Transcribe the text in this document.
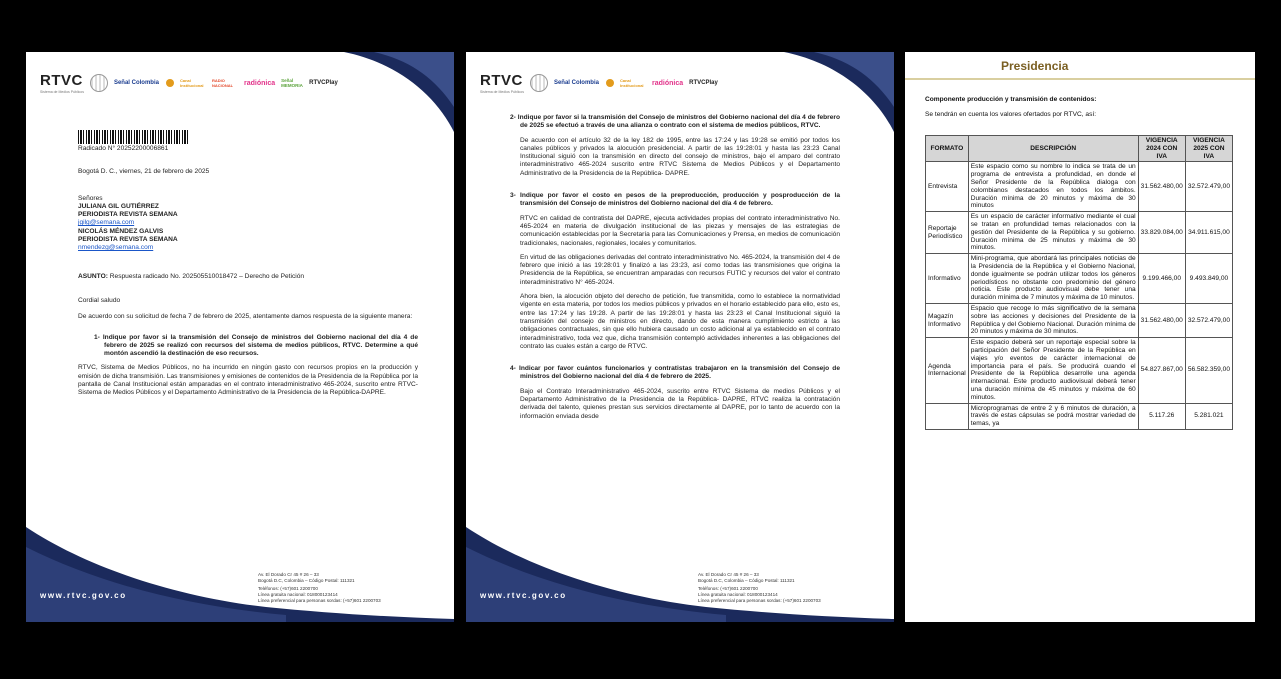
RTVC
Sistema de Medios Públicos
Señal Colombia	Canal Institucional
RADIO NACIONAL	radiónica Señal MEMORIA RTVCPlay

Radicado N° 20252200006861

Bogotá D. C., viernes, 21 de febrero de 2025

Señores

JULIANA GIL GUTIÉRREZ
PERIODISTA REVISTA SEMANA
jgilg@semana.com
NICOLÁS MÉNDEZ GALVIS
PERIODISTA REVISTA SEMANA
nmendezg@semana.com

ASUNTO: Respuesta radicado No. 202505510018472 – Derecho de Petición

Cordial saludo

De acuerdo con su solicitud de fecha 7 de febrero de 2025, atentamente damos respuesta de la siguiente manera:

1- Indique por favor si la transmisión del Consejo de ministros del Gobierno nacional del día 4 de febrero de 2025 se realizó con recursos del sistema de medios públicos, RTVC. Determine a qué montón ascendió la destinación de eso recursos.

RTVC, Sistema de Medios Públicos, no ha incurrido en ningún gasto con recursos propios en la producción y emisión de dicha transmisión. Las transmisiones y emisiones de contenidos de la Presidencia de la República por la pantalla de Canal Institucional están amparadas en el contrato interadministrativo 465-2024, suscrito entre RTVC-Sistema de Medios Públicos y el Departamento Administrativo de la Presidencia de la República-DAPRE.

www.rtvc.gov.co
Av. El Dorado Cr 45 # 26 – 33
Bogotá D.C, Colombia – Código Postal: 111321
Teléfonos: (+57)601 2200700
Línea gratuita nacional: 018000123414
Línea preferencial para personas sordas: (+57)601 2200703
RTVC
Sistema de Medios Públicos
Señal Colombia	Canal Institucional	radiónica RTVCPlay

2- Indique por favor si la transmisión del Consejo de ministros del Gobierno nacional del día 4 de febrero de 2025 se efectuó a través de una alianza o contrato con el sistema de medios públicos, RTVC.

De acuerdo con el artículo 32 de la ley 182 de 1995, entre las 17:24 y las 19:28 se emitió por todos los canales públicos y privados la alocución presidencial. A partir de las 19:28:01 y hasta las 23:23 Canal Institucional siguió con la transmisión en directo del consejo de ministros, bajo el amparo del contrato interadministrativo 465-2024 suscrito entre RTVC Sistema de Medios Públicos y el Departamento Administrativo de la Presidencia de la República- DAPRE.

3- Indique por favor el costo en pesos de la preproducción, producción y posproducción de la transmisión del Consejo de ministros del Gobierno nacional del día 4 de febrero.

RTVC en calidad de contratista del DAPRE, ejecuta actividades propias del contrato interadministrativo No. 465-2024 en materia de divulgación institucional de las piezas y mensajes de las estrategias de comunicación establecidas por la Secretaría para las Comunicaciones y Prensa, en medios de comunicación tradicionales, nacionales, regionales, locales y comunitarios.

En virtud de las obligaciones derivadas del contrato interadministrativo No. 465-2024, la transmisión del 4 de febrero que inició a las 19:28:01 y finalizó a las 23:23, así como todas las transmisiones que origina la Presidencia de la República, se encuentran amparadas con recursos FUTIC y recursos del valor el contrato interadministrativo N° 465-2024.

Ahora bien, la alocución objeto del derecho de petición, fue transmitida, como lo establece la normatividad vigente en esta materia, por todos los medios públicos y privados en el horario establecido para ello, esto es, entre las 17:24 y las 19:28. A partir de las 19:28:01 y hasta las 23:23 el Canal Institucional siguió la transmisión del consejo de ministros en directo, dando de esta manera cumplimiento estricto a las obligaciones contractuales, sin que ello hubiera causado un costo adicional al ya establecido en el contrato interadministrativo, toda vez que, dicha transmisión contempló actividades inherentes a las obligaciones del contrato las cuales están a cargo de RTVC.

4- Indicar por favor cuántos funcionarios y contratistas trabajaron en la transmisión del Consejo de ministros del Gobierno nacional del día 4 de febrero de 2025.

Bajo el Contrato Interadministrativo 465-2024, suscrito entre RTVC Sistema de medios Públicos y el Departamento Administrativo de la Presidencia de la República- DAPRE, RTVC realiza la contratación derivada del talento, quienes prestan sus servicios directamente al DAPRE, por lo tanto de acuerdo con la información enviada desde

www.rtvc.gov.co
Av. El Dorado Cr 45 # 26 – 33
Bogotá D.C, Colombia – Código Postal: 111321
Teléfonos: (+57)601 2200700
Línea gratuita nacional: 018000123414
Línea preferencial para personas sordas: (+57)601 2200703
Presidencia
Componente producción y transmisión de contenidos:
Se tendrán en cuenta los valores ofertados por RTVC, así:
FORMATO	DESCRIPCIÓN	VIGENCIA 2024 CON IVA	VIGENCIA 2025 CON IVA
Entrevista	Este espacio como su nombre lo indica se trata de un programa de entrevista a profundidad, en donde el Señor Presidente de la República dialoga con colombianos destacados en todos los ámbitos. Duración mínima de 20 minutos y máxima de 30 minutos	31.562.480,00	32.572.479,00
Reportaje Periodístico	Es un espacio de carácter informativo mediante el cual se tratan en profundidad temas relacionados con la gestión del Presidente de la República y su gobierno. Duración mínima de 25 minutos y máxima de 30 minutos.	33.829.084,00	34.911.615,00
Informativo	Mini-programa, que abordará las principales noticias de la Presidencia de la República y el Gobierno Nacional, donde igualmente se podrán utilizar todos los géneros periodísticos no obstante con predominio del género noticia. Este producto audiovisual debe tener una duración mínima de 7 minutos y máxima de 10 minutos.	9.199.466,00	9.493.849,00
Magazín Informativo	Espacio que recoge lo más significativo de la semana sobre las acciones y decisiones del Presidente de la República y del Gobierno Nacional. Duración mínima de 20 minutos y máxima de 30 minutos.	31.562.480,00	32.572.479,00
Agenda Internacional	Este espacio deberá ser un reportaje especial sobre la participación del Señor Presidente de la República en viajes y/o eventos de carácter internacional de importancia para el país. Se producirá cuando el Presidente de la República desarrolle una agenda internacional. Este producto audiovisual deberá tener una duración mínima de 45 minutos y máxima de 60 minutos.	54.827.867,00	56.582.359,00
	Microprogramas de entre 2 y 6 minutos de duración, a través de estas cápsulas se podrá mostrar variedad de temas, ya	5.117.26	5.281.021
